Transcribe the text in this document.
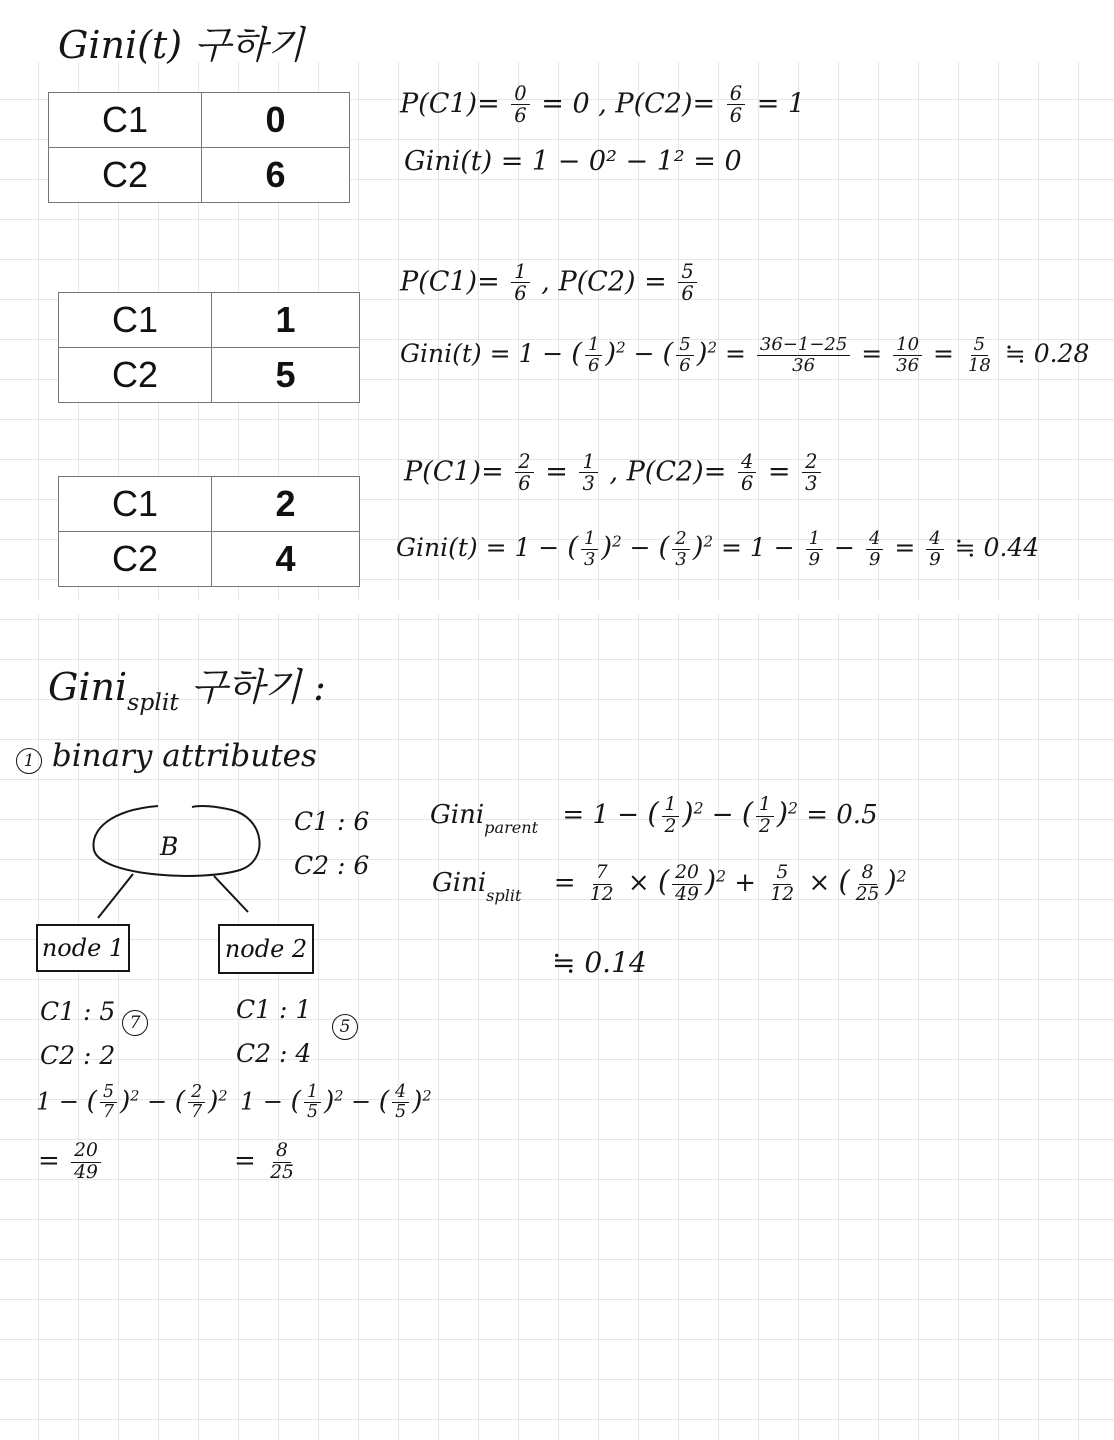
Gini(t) 구하기
C1	0
C2	6
C1	1
C2	5
C1	2
C2	4
$P(C1)= \frac{0}{6} = 0$ , $P(C2)= \frac{6}{6} = 1$
Gini(t) = 1 − 0² − 1² = 0
$P(C1)= \frac{1}{6}$ , $P(C2) = \frac{5}{6}$
Gini(t) = 1 − ( $\frac{1}{6} )^2$ − ( $\frac{5}{6} )^2 = \frac{36-1-25}{36} = \frac{10}{36} = \frac{5}{18}$ ≒ 0.28
$P(C1)= \frac{2}{6} = \frac{1}{3}$ , $P(C2)= \frac{4}{6} = \frac{2}{3}$
Gini(t) = 1 − ( $\frac{1}{3} )^2$ − ( $\frac{2}{3} )^2 = 1 - \frac{1}{9} - \frac{4}{9} = \frac{4}{9}$ ≒ 0.44
Gini$_{split}$ 구하기 :
1 binary attributes
B
C1 : 6
C2 : 6
node 1	node 2
C1 : 5
C2 : 2
7	C1 : 1
C2 : 4
5
1 − ( $\frac{5}{7} )^2$ − ( $\frac{2}{7} )^2$ 1 − ( $\frac{1}{5} )^2$ − ( $\frac{4}{5} )^2$
= $\frac{20}{49}$	= $\frac{8}{25}$
Gini$_{parent}$ = 1 − ( $\frac{1}{2} )^2$ − ( $\frac{1}{2} )^2 = 0.5$
Gini$_{split}$ = $\frac{7}{12}$ × ( $\frac{20}{49} )^2 + \frac{5}{12}$ × ( $\frac{8}{25} )^2$
≒ 0.14
